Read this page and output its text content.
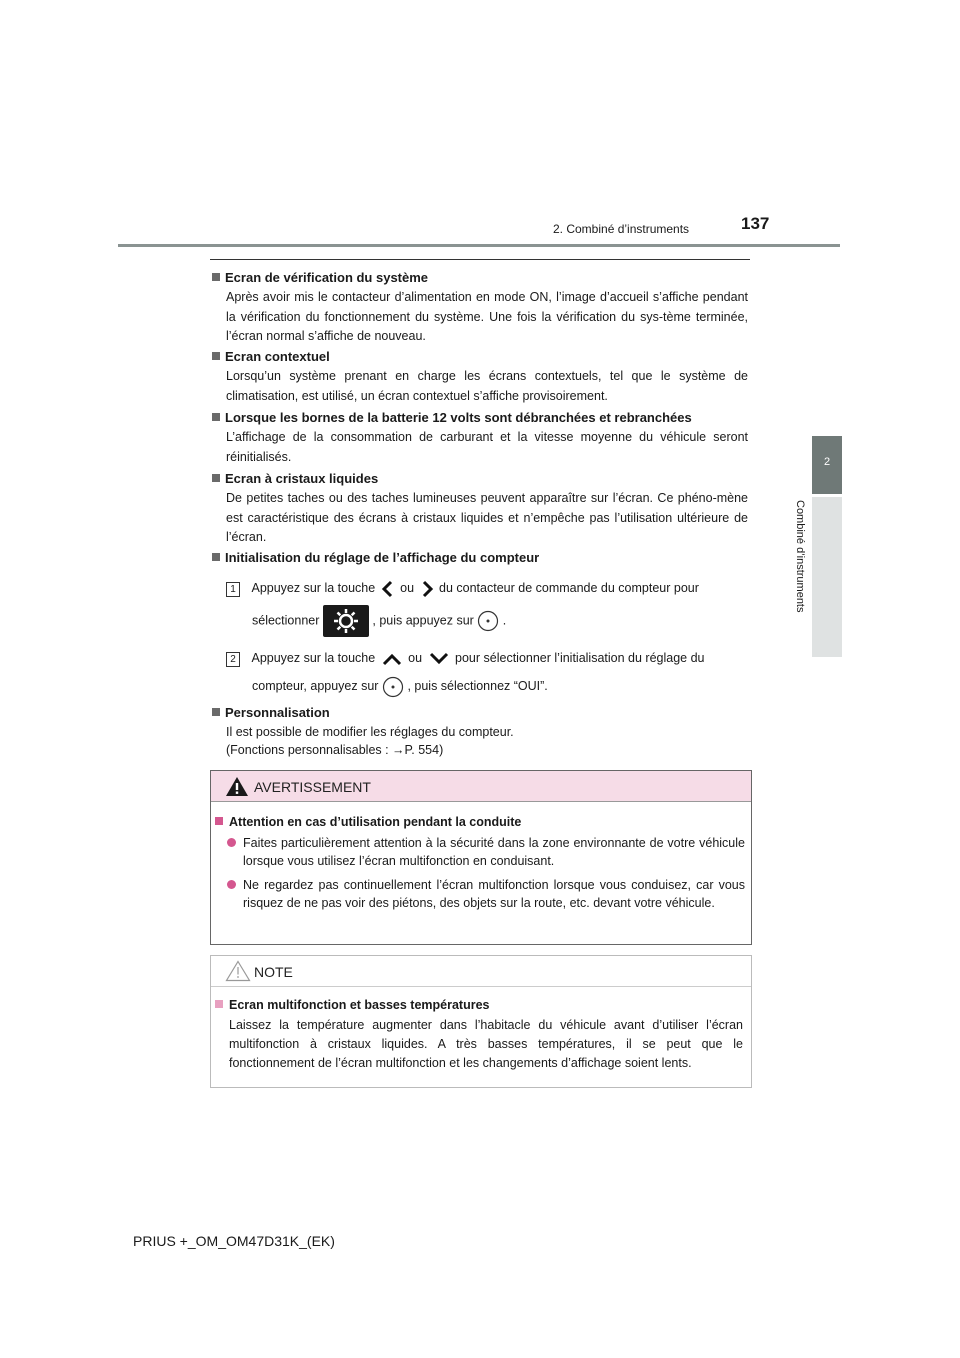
137
2. Combiné d’instruments
2
Combiné d’instruments

Ecran de vérification du système

Après avoir mis le contacteur d’alimentation en mode ON, l’image d’accueil s’affiche pendant la vérification du fonctionnement du système. Une fois la vérification du sys-tème terminée, l’écran normal s’affiche de nouveau.

Ecran contextuel

Lorsqu’un système prenant en charge les écrans contextuels, tel que le système de climatisation, est utilisé, un écran contextuel s’affiche provisoirement.

Lorsque les bornes de la batterie 12 volts sont débranchées et rebranchées

L’affichage de la consommation de carburant et la vitesse moyenne du véhicule seront réinitialisés.

Ecran à cristaux liquides

De petites taches ou des taches lumineuses peuvent apparaître sur l’écran. Ce phéno-mène est caractéristique des écrans à cristaux liquides et n’empêche pas l’utilisation ultérieure de l’écran.

Initialisation du réglage de l’affichage du compteur

1 Appuyez sur la touche ou du contacteur de commande du compteur pour
sélectionner	, puis appuyez sur .
2 Appuyez sur la touche	ou	pour sélectionner l’initialisation du réglage du
compteur, appuyez sur , puis sélectionnez “OUI”.

Personnalisation

Il est possible de modifier les réglages du compteur.
(Fonctions personnalisables : →P. 554)
AVERTISSEMENT
Attention en cas d’utilisation pendant la conduite
Faites particulièrement attention à la sécurité dans la zone environnante de votre véhicule lorsque vous utilisez l’écran multifonction en conduisant.
Ne regardez pas continuellement l’écran multifonction lorsque vous conduisez, car vous risquez de ne pas voir des piétons, des objets sur la route, etc. devant votre véhicule.
NOTE
Ecran multifonction et basses températures
Laissez la température augmenter dans l’habitacle du véhicule avant d’utiliser l’écran multifonction à cristaux liquides. A très basses températures, il se peut que le fonctionnement de l’écran multifonction et les changements d’affichage soient lents.
PRIUS +_OM_OM47D31K_(EK)
